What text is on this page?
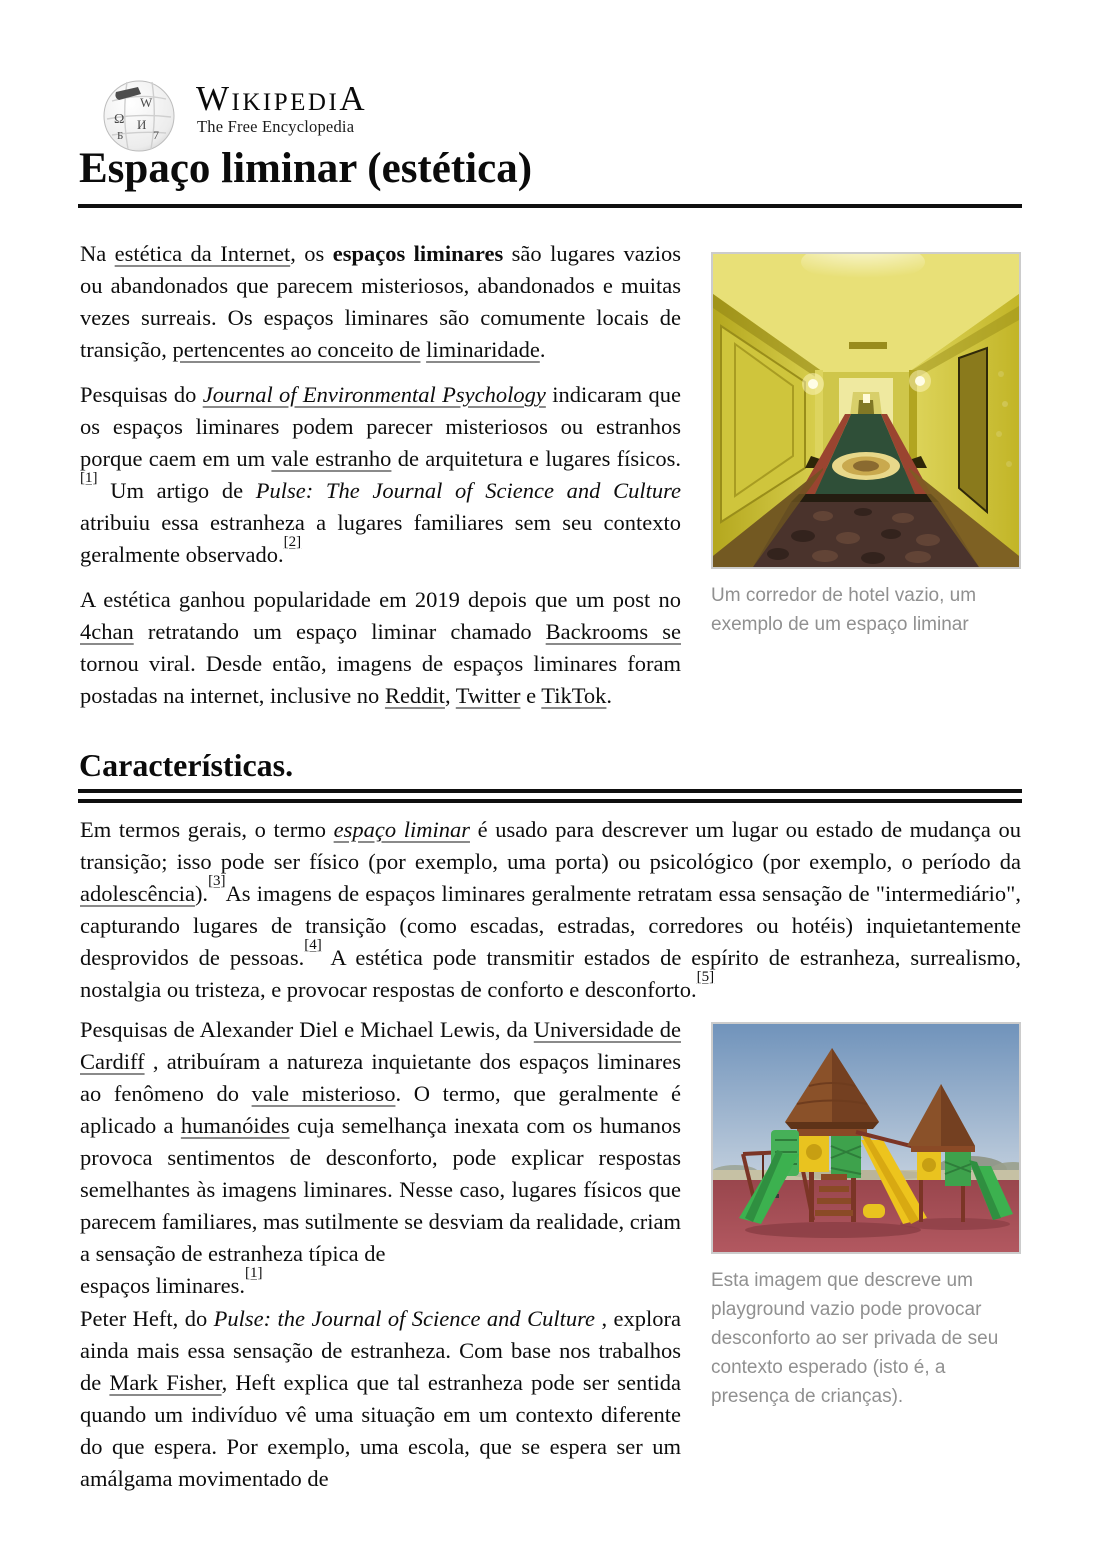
Ω
W
И
7
Б
WIKIPEDIA
The Free Encyclopedia
Espaço liminar (estética)

Na estética da Internet, os espaços liminares são lugares vazios ou abandonados que parecem misteriosos, abandonados e muitas vezes surreais. Os espaços liminares são comumente locais de transição, pertencentes ao conceito de liminaridade.

Pesquisas do Journal of Environmental Psychology indicaram que os espaços liminares podem parecer misteriosos ou estranhos porque caem em um vale estranho de arquitetura e lugares físicos.[1] Um artigo de Pulse: The Journal of Science and Culture atribuiu essa estranheza a lugares familiares sem seu contexto geralmente observado.[2]

A estética ganhou popularidade em 2019 depois que um post no 4chan retratando um espaço liminar chamado Backrooms se tornou viral. Desde então, imagens de espaços liminares foram postadas na internet, inclusive no Reddit, Twitter e TikTok.

Características.

Em termos gerais, o termo espaço liminar é usado para descrever um lugar ou estado de mudança ou transição; isso pode ser físico (por exemplo, uma porta) ou psicológico (por exemplo, o período da adolescência).[3]As imagens de espaços liminares geralmente retratam essa sensação de "intermediário", capturando lugares de transição (como escadas, estradas, corredores ou hotéis) inquietantemente desprovidos de pessoas.[4] A estética pode transmitir estados de espírito de estranheza, surrealismo, nostalgia ou tristeza, e provocar respostas de conforto e desconforto.[5]

Pesquisas de Alexander Diel e Michael Lewis, da Universidade de Cardiff , atribuíram a natureza inquietante dos espaços liminares ao fenômeno do vale misterioso. O termo, que geralmente é aplicado a humanóides cuja semelhança inexata com os humanos provoca sentimentos de desconforto, pode explicar respostas semelhantes às imagens liminares. Nesse caso, lugares físicos que parecem familiares, mas sutilmente se desviam da realidade, criam a sensação de estranheza típica de
espaços liminares.[1]

Peter Heft, do Pulse: the Journal of Science and Culture , explora ainda mais essa sensação de estranheza. Com base nos trabalhos de Mark Fisher, Heft explica que tal estranheza pode ser sentida quando um indivíduo vê uma situação em um contexto diferente do que espera. Por exemplo, uma escola, que se espera ser um amálgama movimentado de

Um corredor de hotel vazio, um exemplo de um espaço liminar
Esta imagem que descreve um playground vazio pode provocar desconforto ao ser privada de seu contexto esperado (isto é, a presença de crianças).
